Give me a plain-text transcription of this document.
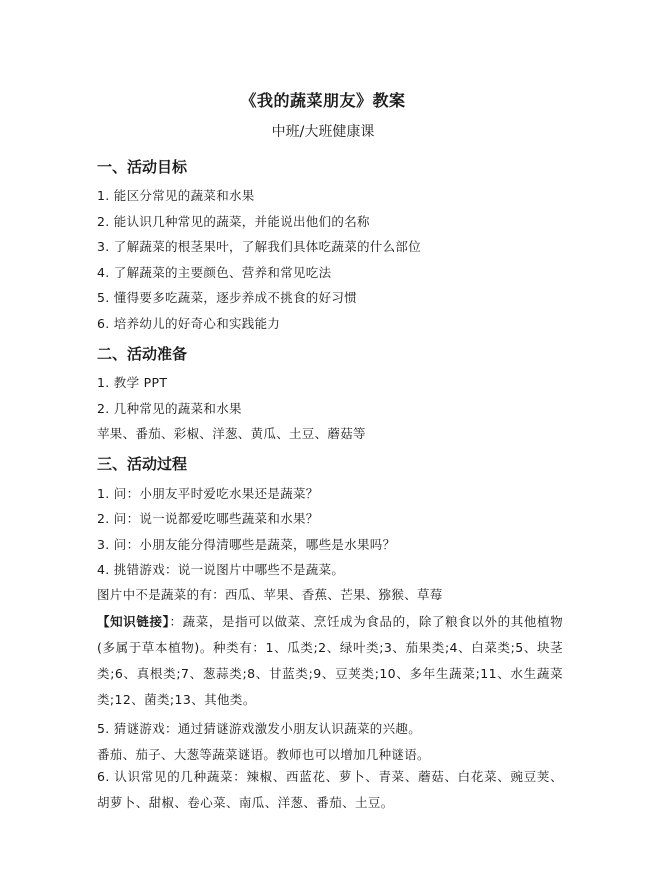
《我的蔬菜朋友》教案
中班/大班健康课
一、活动目标
1. 能区分常见的蔬菜和水果
2. 能认识几种常见的蔬菜，并能说出他们的名称
3. 了解蔬菜的根茎果叶，了解我们具体吃蔬菜的什么部位
4. 了解蔬菜的主要颜色、营养和常见吃法
5. 懂得要多吃蔬菜，逐步养成不挑食的好习惯
6. 培养幼儿的好奇心和实践能力
二、活动准备
1. 教学 PPT
2. 几种常见的蔬菜和水果
苹果、番茄、彩椒、洋葱、黄瓜、土豆、蘑菇等
三、活动过程
1. 问：小朋友平时爱吃水果还是蔬菜？
2. 问：说一说都爱吃哪些蔬菜和水果？
3. 问：小朋友能分得清哪些是蔬菜，哪些是水果吗？
4. 挑错游戏：说一说图片中哪些不是蔬菜。
图片中不是蔬菜的有：西瓜、苹果、香蕉、芒果、猕猴、草莓
【知识链接】：蔬菜，是指可以做菜、烹饪成为食品的，除了粮食以外的其他植物(多属于草本植物)。种类有：1、瓜类;2、绿叶类;3、茄果类;4、白菜类;5、块茎类;6、真根类;7、葱蒜类;8、甘蓝类;9、豆荚类;10、多年生蔬菜;11、水生蔬菜类;12、菌类;13、其他类。
5. 猜谜游戏：通过猜谜游戏激发小朋友认识蔬菜的兴趣。
番茄、茄子、大葱等蔬菜谜语。教师也可以增加几种谜语。
6. 认识常见的几种蔬菜：辣椒、西蓝花、萝卜、青菜、蘑菇、白花菜、豌豆荚、胡萝卜、甜椒、卷心菜、南瓜、洋葱、番茄、土豆。
